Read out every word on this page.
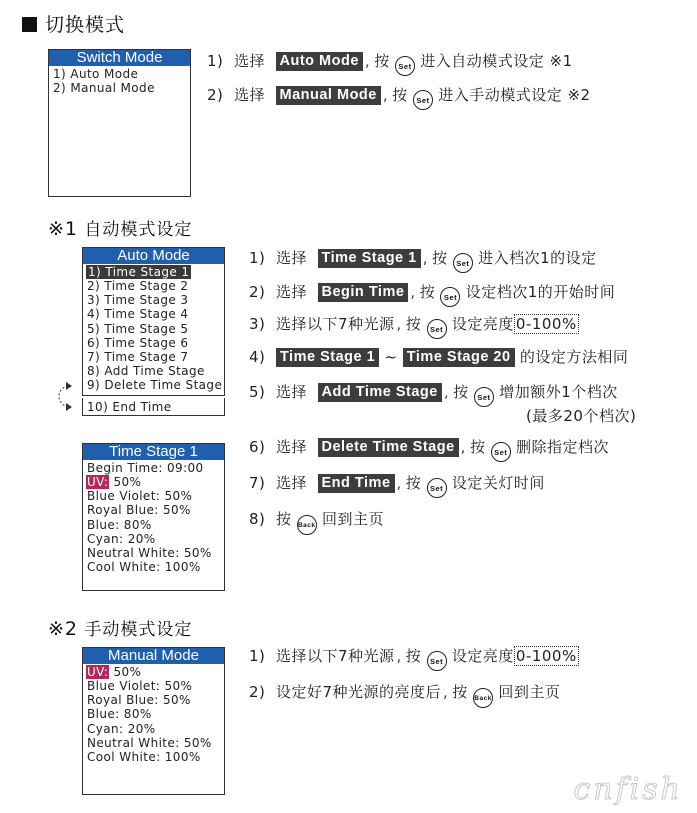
切换模式
Switch Mode
1) Auto Mode
2) Manual Mode
1) 选择 Auto Mode , 按 Set 进入自动模式设定 ※1
2) 选择 Manual Mode , 按 Set 进入手动模式设定 ※2
※1 自动模式设定
Auto Mode
1) Time Stage 1
2) Time Stage 2
3) Time Stage 3
4) Time Stage 4
5) Time Stage 5
6) Time Stage 6
7) Time Stage 7
8) Add Time Stage
9) Delete Time Stage
10) End Time
Time Stage 1
Begin Time: 09:00
UV: 50%
Blue Violet: 50%
Royal Blue: 50%
Blue: 80%
Cyan: 20%
Neutral White: 50%
Cool White: 100%
1) 选择 Time Stage 1 , 按 Set 进入档次1的设定
2) 选择 Begin Time , 按 Set 设定档次1的开始时间
3) 选择以下7种光源 , 按 Set 设定亮度 0-100%
4) Time Stage 1 ~ Time Stage 20 的设定方法相同
5) 选择 Add Time Stage , 按 Set 增加额外1个档次
(最多20个档次)
6) 选择 Delete Time Stage , 按 Set 删除指定档次
7) 选择 End Time , 按 Set 设定关灯时间
8) 按 Back 回到主页
※2 手动模式设定
Manual Mode
UV: 50%
Blue Violet: 50%
Royal Blue: 50%
Blue: 80%
Cyan: 20%
Neutral White: 50%
Cool White: 100%
1) 选择以下7种光源 , 按 Set 设定亮度 0-100%
2) 设定好7种光源的亮度后 , 按 Back 回到主页
cnfish
